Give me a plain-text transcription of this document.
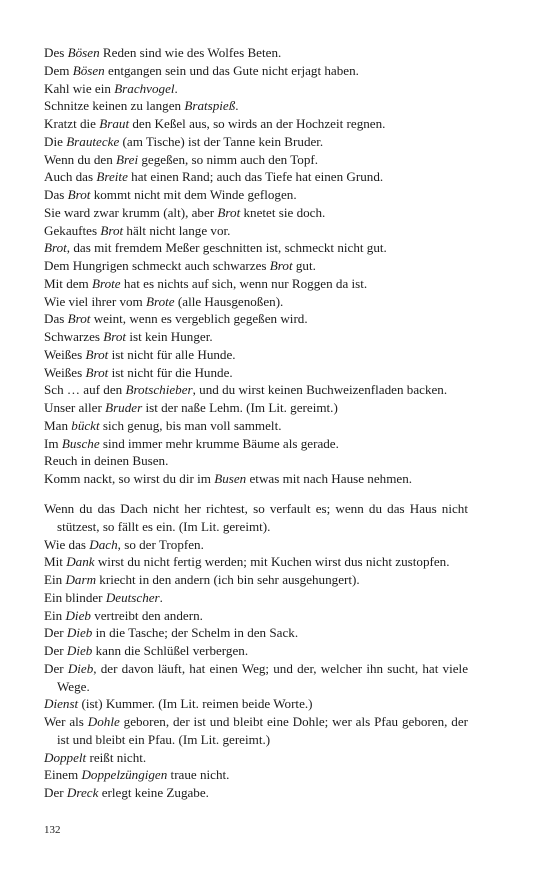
Des Bösen Reden sind wie des Wolfes Beten.
Dem Bösen entgangen sein und das Gute nicht erjagt haben.
Kahl wie ein Brachvogel.
Schnitze keinen zu langen Bratspieß.
Kratzt die Braut den Keßel aus, so wirds an der Hochzeit regnen.
Die Brautecke (am Tische) ist der Tanne kein Bruder.
Wenn du den Brei gegeßen, so nimm auch den Topf.
Auch das Breite hat einen Rand; auch das Tiefe hat einen Grund.
Das Brot kommt nicht mit dem Winde geflogen.
Sie ward zwar krumm (alt), aber Brot knetet sie doch.
Gekauftes Brot hält nicht lange vor.
Brot, das mit fremdem Meßer geschnitten ist, schmeckt nicht gut.
Dem Hungrigen schmeckt auch schwarzes Brot gut.
Mit dem Brote hat es nichts auf sich, wenn nur Roggen da ist.
Wie viel ihrer vom Brote (alle Hausgenoßen).
Das Brot weint, wenn es vergeblich gegeßen wird.
Schwarzes Brot ist kein Hunger.
Weißes Brot ist nicht für alle Hunde.
Weißes Brot ist nicht für die Hunde.
Sch … auf den Brotschieber, und du wirst keinen Buchweizenfladen backen.
Unser aller Bruder ist der naße Lehm. (Im Lit. gereimt.)
Man bückt sich genug, bis man voll sammelt.
Im Busche sind immer mehr krumme Bäume als gerade.
Reuch in deinen Busen.
Komm nackt, so wirst du dir im Busen etwas mit nach Hause nehmen.
Wenn du das Dach nicht her richtest, so verfault es; wenn du das Haus nicht stützest, so fällt es ein. (Im Lit. gereimt).
Wie das Dach, so der Tropfen.
Mit Dank wirst du nicht fertig werden; mit Kuchen wirst dus nicht zustopfen.
Ein Darm kriecht in den andern (ich bin sehr ausgehungert).
Ein blinder Deutscher.
Ein Dieb vertreibt den andern.
Der Dieb in die Tasche; der Schelm in den Sack.
Der Dieb kann die Schlüßel verbergen.
Der Dieb, der davon läuft, hat einen Weg; und der, welcher ihn sucht, hat viele Wege.
Dienst (ist) Kummer. (Im Lit. reimen beide Worte.)
Wer als Dohle geboren, der ist und bleibt eine Dohle; wer als Pfau geboren, der ist und bleibt ein Pfau. (Im Lit. gereimt.)
Doppelt reißt nicht.
Einem Doppelzüngigen traue nicht.
Der Dreck erlegt keine Zugabe.
132
